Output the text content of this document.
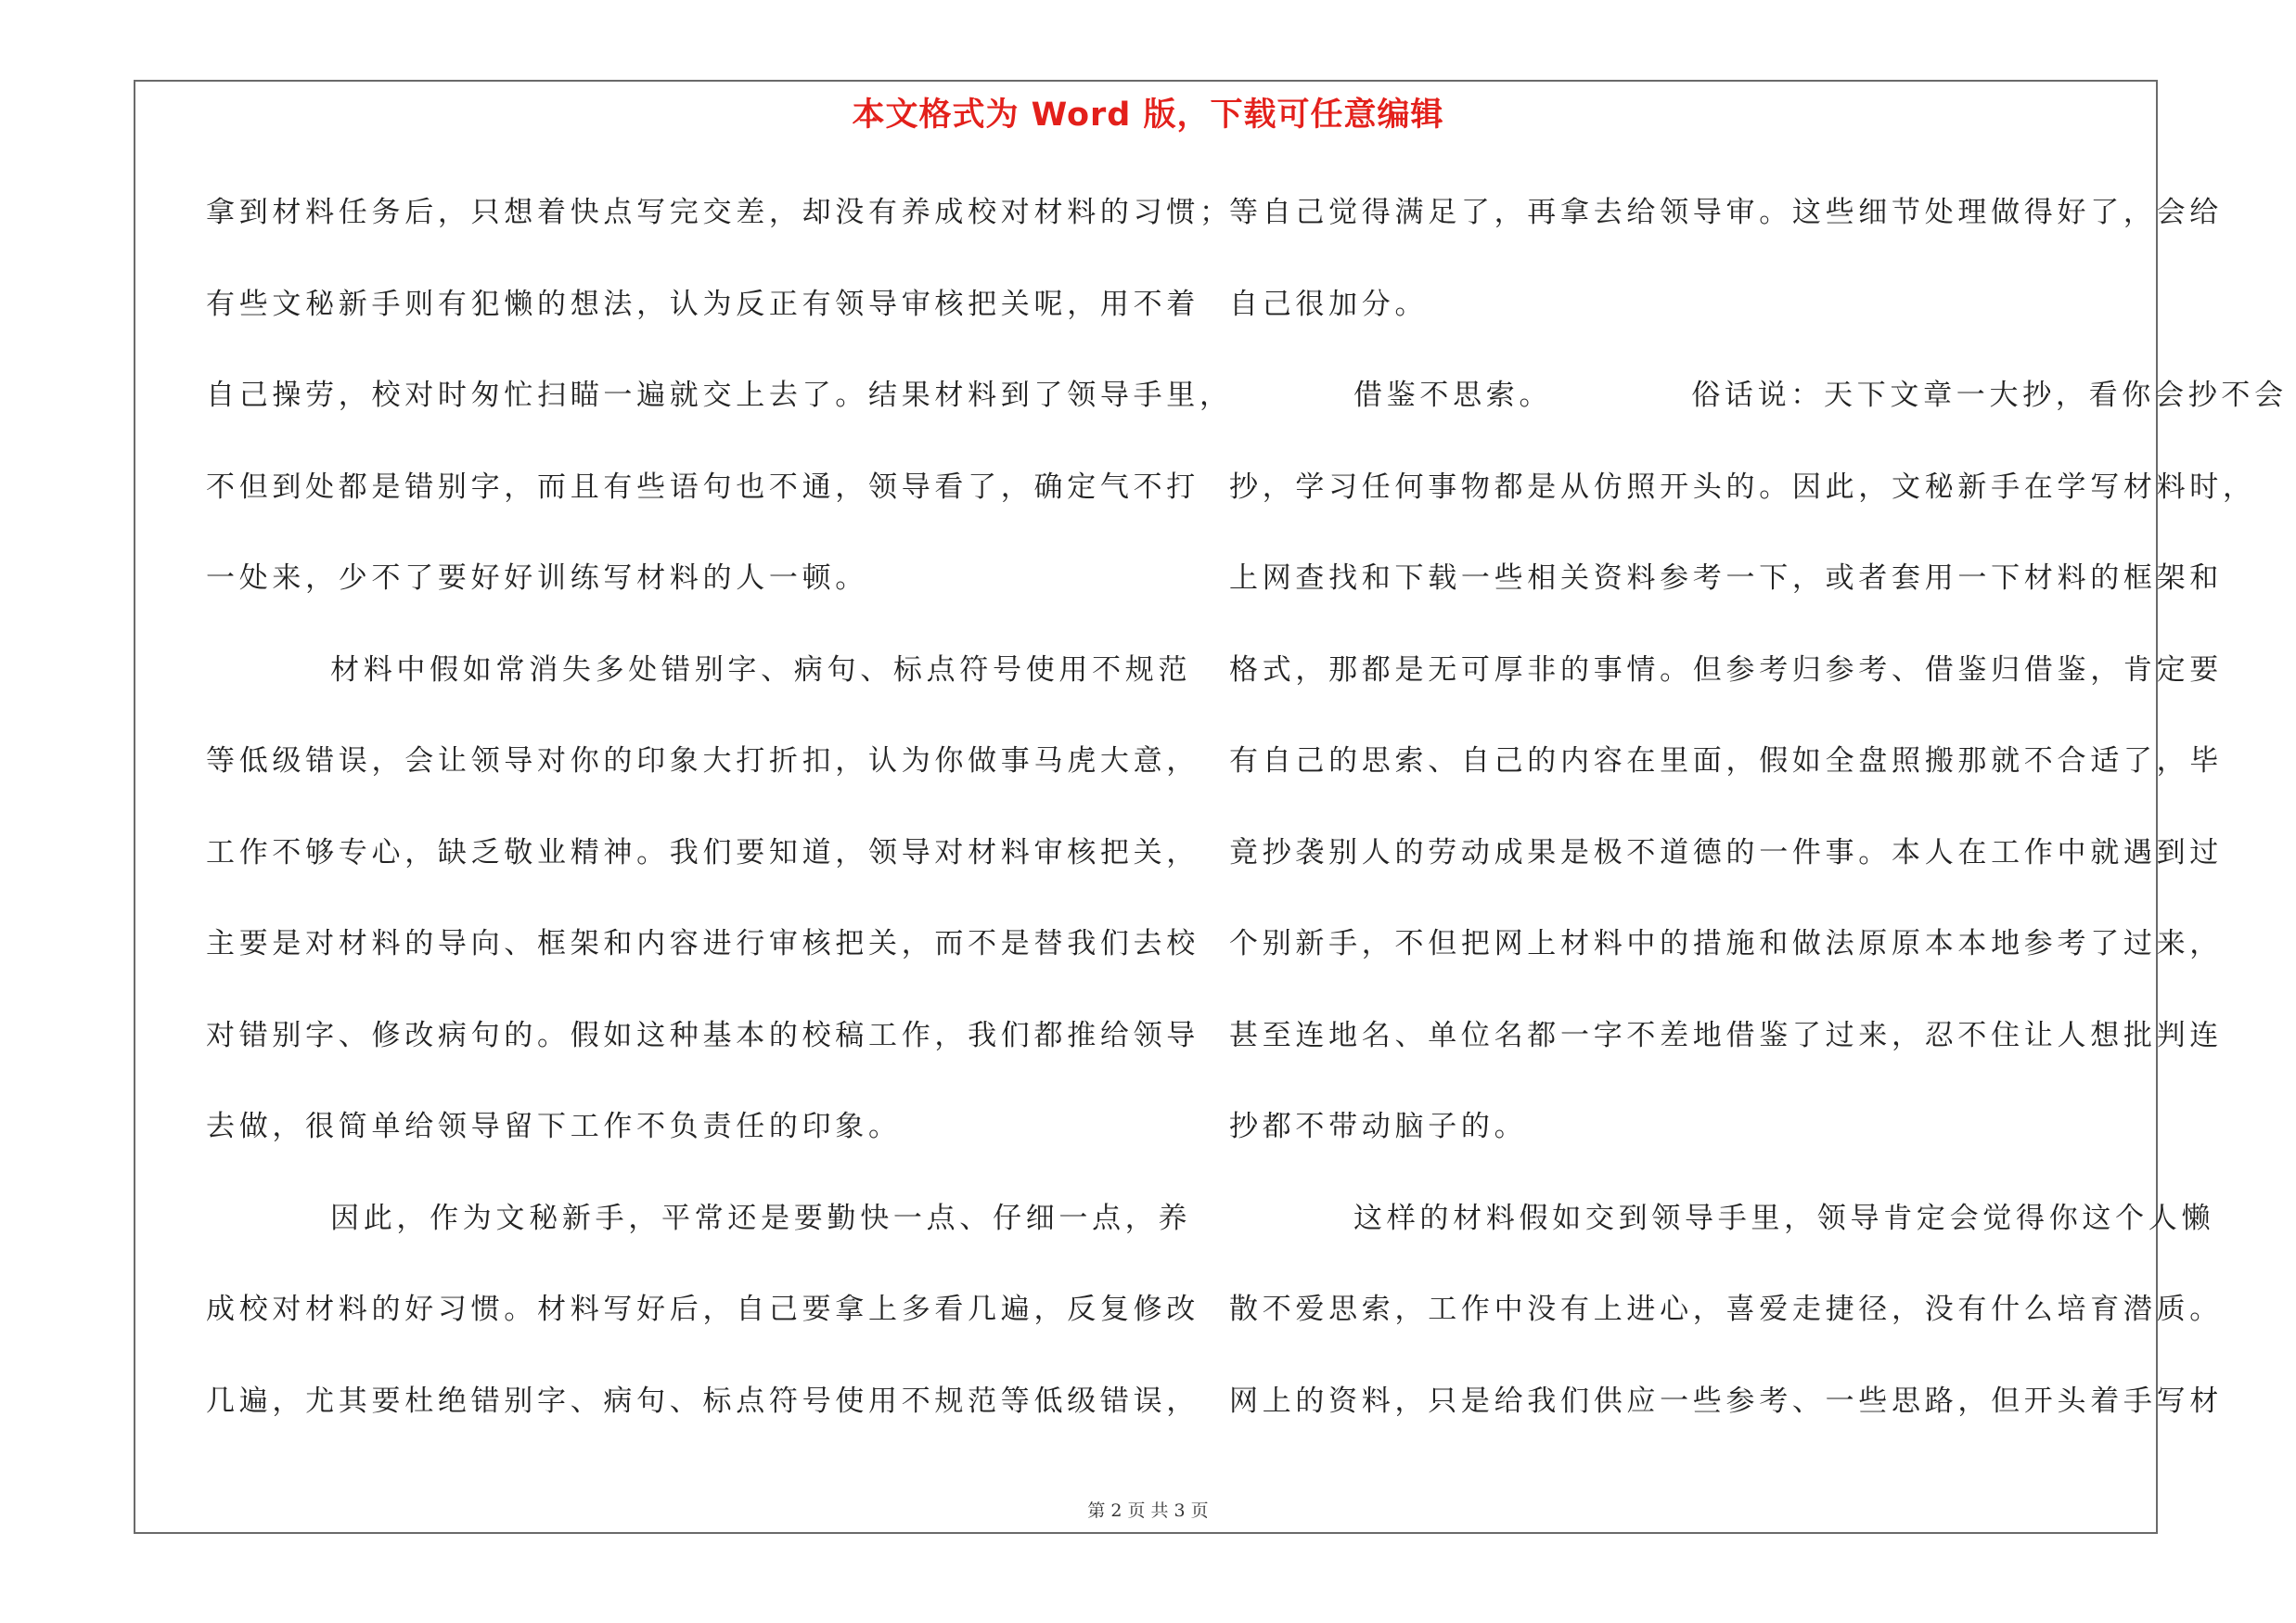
本文格式为 Word 版，下载可任意编辑
拿到材料任务后，只想着快点写完交差，却没有养成校对材料的习惯；
有些文秘新手则有犯懒的想法，认为反正有领导审核把关呢，用不着
自己操劳，校对时匆忙扫瞄一遍就交上去了。结果材料到了领导手里，
不但到处都是错别字，而且有些语句也不通，领导看了，确定气不打
一处来，少不了要好好训练写材料的人一顿。
材料中假如常消失多处错别字、病句、标点符号使用不规范
等低级错误，会让领导对你的印象大打折扣，认为你做事马虎大意，
工作不够专心，缺乏敬业精神。我们要知道，领导对材料审核把关，
主要是对材料的导向、框架和内容进行审核把关，而不是替我们去校
对错别字、修改病句的。假如这种基本的校稿工作，我们都推给领导
去做，很简单给领导留下工作不负责任的印象。
因此，作为文秘新手，平常还是要勤快一点、仔细一点，养
成校对材料的好习惯。材料写好后，自己要拿上多看几遍，反复修改
几遍，尤其要杜绝错别字、病句、标点符号使用不规范等低级错误，
等自己觉得满足了，再拿去给领导审。这些细节处理做得好了，会给
自己很加分。
借鉴不思索。	俗话说：天下文章一大抄，看你会抄不会
抄，学习任何事物都是从仿照开头的。因此，文秘新手在学写材料时，
上网查找和下载一些相关资料参考一下，或者套用一下材料的框架和
格式，那都是无可厚非的事情。但参考归参考、借鉴归借鉴，肯定要
有自己的思索、自己的内容在里面，假如全盘照搬那就不合适了，毕
竟抄袭别人的劳动成果是极不道德的一件事。本人在工作中就遇到过
个别新手，不但把网上材料中的措施和做法原原本本地参考了过来，
甚至连地名、单位名都一字不差地借鉴了过来，忍不住让人想批判连
抄都不带动脑子的。
这样的材料假如交到领导手里，领导肯定会觉得你这个人懒
散不爱思索，工作中没有上进心，喜爱走捷径，没有什么培育潜质。
网上的资料，只是给我们供应一些参考、一些思路，但开头着手写材
第 2 页 共 3 页
